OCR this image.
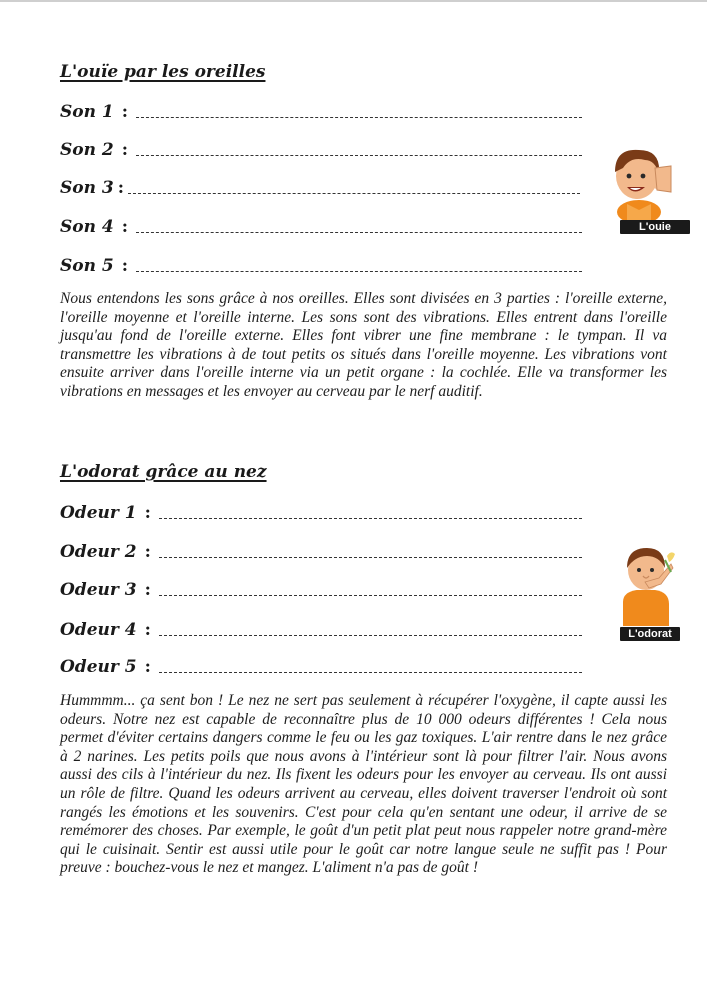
L'ouïe par les oreilles
Son 1 :
Son 2 :
Son 3 :
Son 4 :
Son 5 :
L'ouie

Nous entendons les sons grâce à nos oreilles. Elles sont divisées en 3 parties : l'oreille externe, l'oreille moyenne et l'oreille interne. Les sons sont des vibrations. Elles entrent dans l'oreille jusqu'au fond de l'oreille externe. Elles font vibrer une fine membrane : le tympan. Il va transmettre les vibrations à de tout petits os situés dans l'oreille moyenne. Les vibrations vont ensuite arriver dans l'oreille interne via un petit organe : la cochlée. Elle va transformer les vibrations en messages et les envoyer au cerveau par le nerf auditif.

L'odorat grâce au nez
Odeur 1 :
Odeur 2 :
Odeur 3 :
Odeur 4 :
Odeur 5 :
L'odorat

Hummmm... ça sent bon ! Le nez ne sert pas seulement à récupérer l'oxygène, il capte aussi les odeurs. Notre nez est capable de reconnaître plus de 10 000 odeurs différentes ! Cela nous permet d'éviter certains dangers comme le feu ou les gaz toxiques. L'air rentre dans le nez grâce à 2 narines. Les petits poils que nous avons à l'intérieur sont là pour filtrer l'air. Nous avons aussi des cils à l'intérieur du nez. Ils fixent les odeurs pour les envoyer au cerveau. Ils ont aussi un rôle de filtre. Quand les odeurs arrivent au cerveau, elles doivent traverser l'endroit où sont rangés les émotions et les souvenirs. C'est pour cela qu'en sentant une odeur, il arrive de se remémorer des choses. Par exemple, le goût d'un petit plat peut nous rappeler notre grand-mère qui le cuisinait. Sentir est aussi utile pour le goût car notre langue seule ne suffit pas ! Pour preuve : bouchez-vous le nez et mangez. L'aliment n'a pas de goût !
